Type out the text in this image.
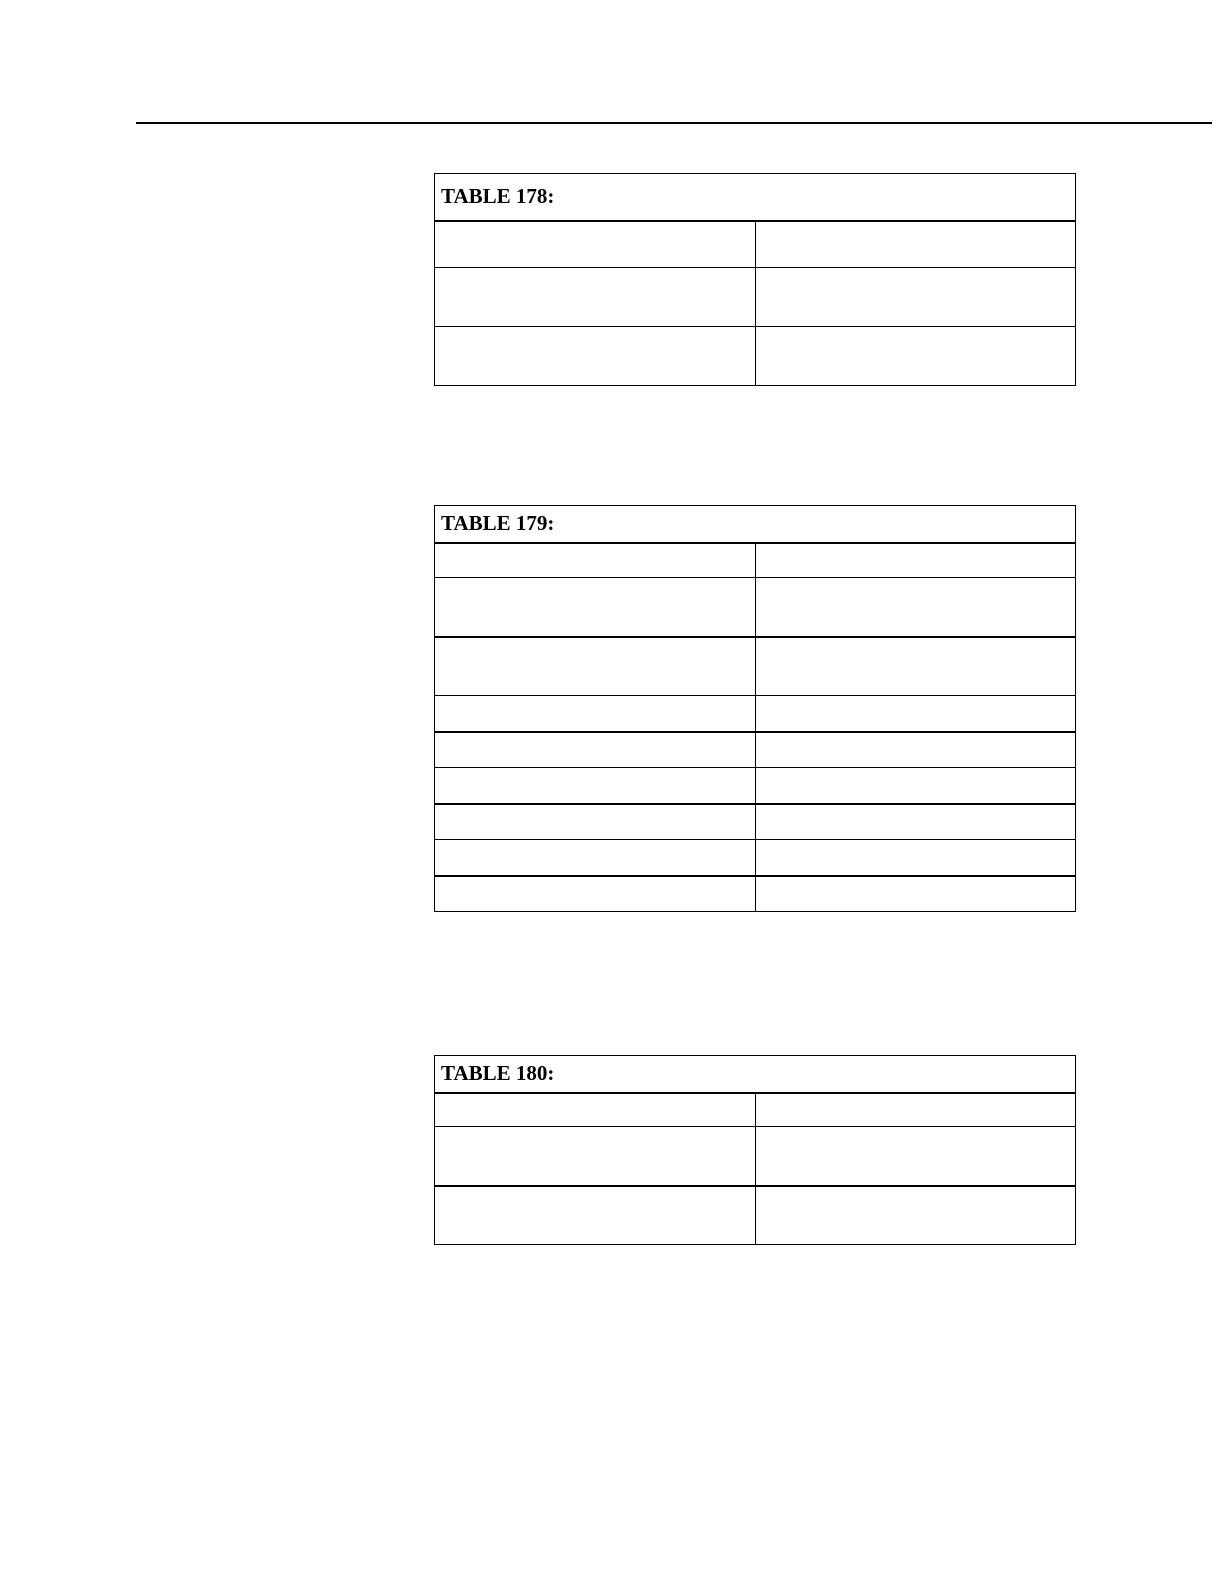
TABLE 178:	

TABLE 179:	

TABLE 180:	
